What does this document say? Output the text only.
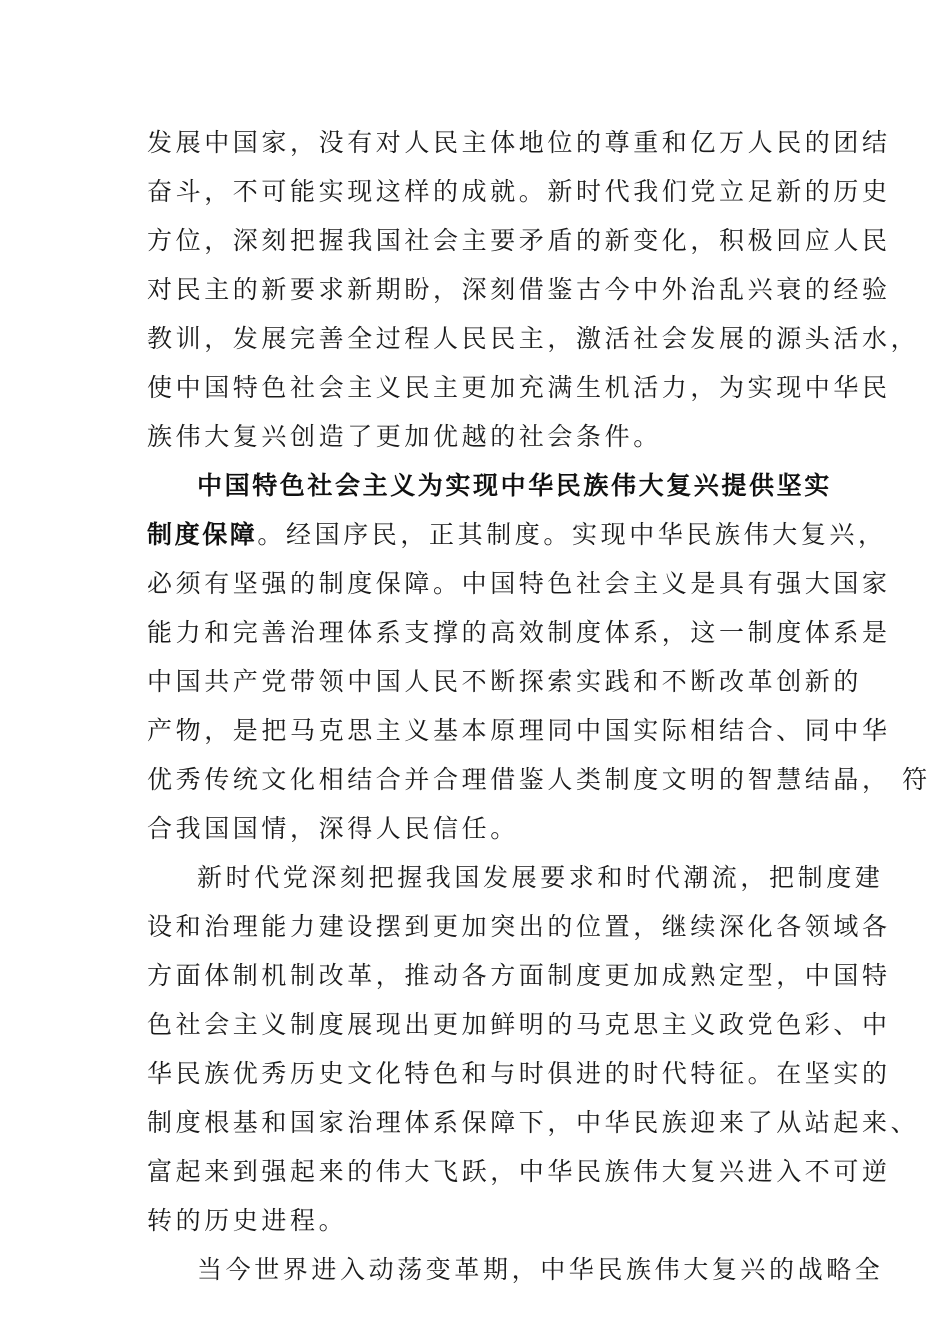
发展中国家，没有对人民主体地位的尊重和亿万人民的团结
奋斗，不可能实现这样的成就。新时代我们党立足新的历史
方位，深刻把握我国社会主要矛盾的新变化，积极回应人民
对民主的新要求新期盼，深刻借鉴古今中外治乱兴衰的经验
教训，发展完善全过程人民民主，激活社会发展的源头活水，
使中国特色社会主义民主更加充满生机活力，为实现中华民
族伟大复兴创造了更加优越的社会条件。
中国特色社会主义为实现中华民族伟大复兴提供坚实
制度保障。经国序民，正其制度。实现中华民族伟大复兴，
必须有坚强的制度保障。中国特色社会主义是具有强大国家
能力和完善治理体系支撑的高效制度体系，这一制度体系是
中国共产党带领中国人民不断探索实践和不断改革创新的
产物，是把马克思主义基本原理同中国实际相结合、同中华
优秀传统文化相结合并合理借鉴人类制度文明的智慧结晶， 符
合我国国情，深得人民信任。
新时代党深刻把握我国发展要求和时代潮流，把制度建
设和治理能力建设摆到更加突出的位置，继续深化各领域各
方面体制机制改革，推动各方面制度更加成熟定型，中国特
色社会主义制度展现出更加鲜明的马克思主义政党色彩、中
华民族优秀历史文化特色和与时俱进的时代特征。在坚实的
制度根基和国家治理体系保障下，中华民族迎来了从站起来、
富起来到强起来的伟大飞跃，中华民族伟大复兴进入不可逆
转的历史进程。
当今世界进入动荡变革期，中华民族伟大复兴的战略全
